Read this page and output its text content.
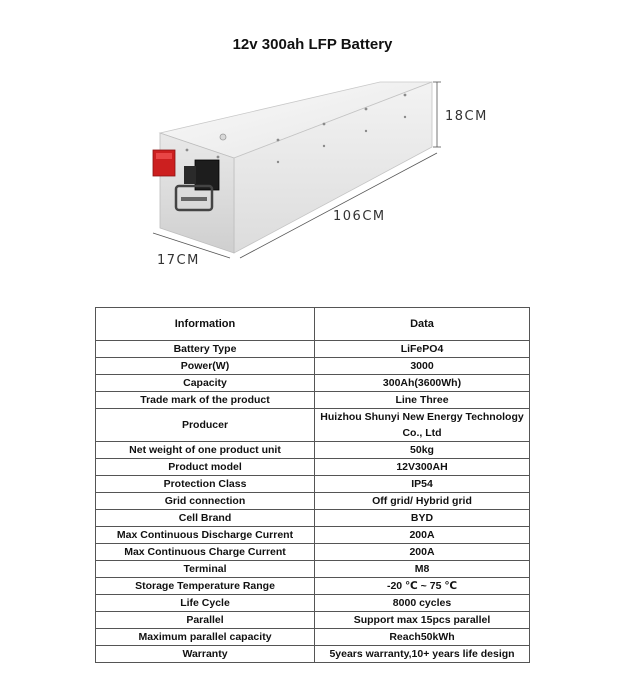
12v 300ah LFP Battery
18CM
106CM
17CM
Information	Data
Battery Type	LiFePO4
Power(W)	3000
Capacity	300Ah(3600Wh)
Trade mark of the product	Line Three
Producer	Huizhou Shunyi New Energy Technology Co., Ltd
Net weight of one product unit	50kg
Product model	12V300AH
Protection Class	IP54
Grid connection	Off grid/ Hybrid grid
Cell Brand	BYD
Max Continuous Discharge Current	200A
Max Continuous Charge Current	200A
Terminal	M8
Storage Temperature Range	-20 ℃ ~ 75 ℃
Life Cycle	8000 cycles
Parallel	Support max 15pcs parallel
Maximum parallel capacity	Reach50kWh
Warranty	5years warranty,10+ years life design
